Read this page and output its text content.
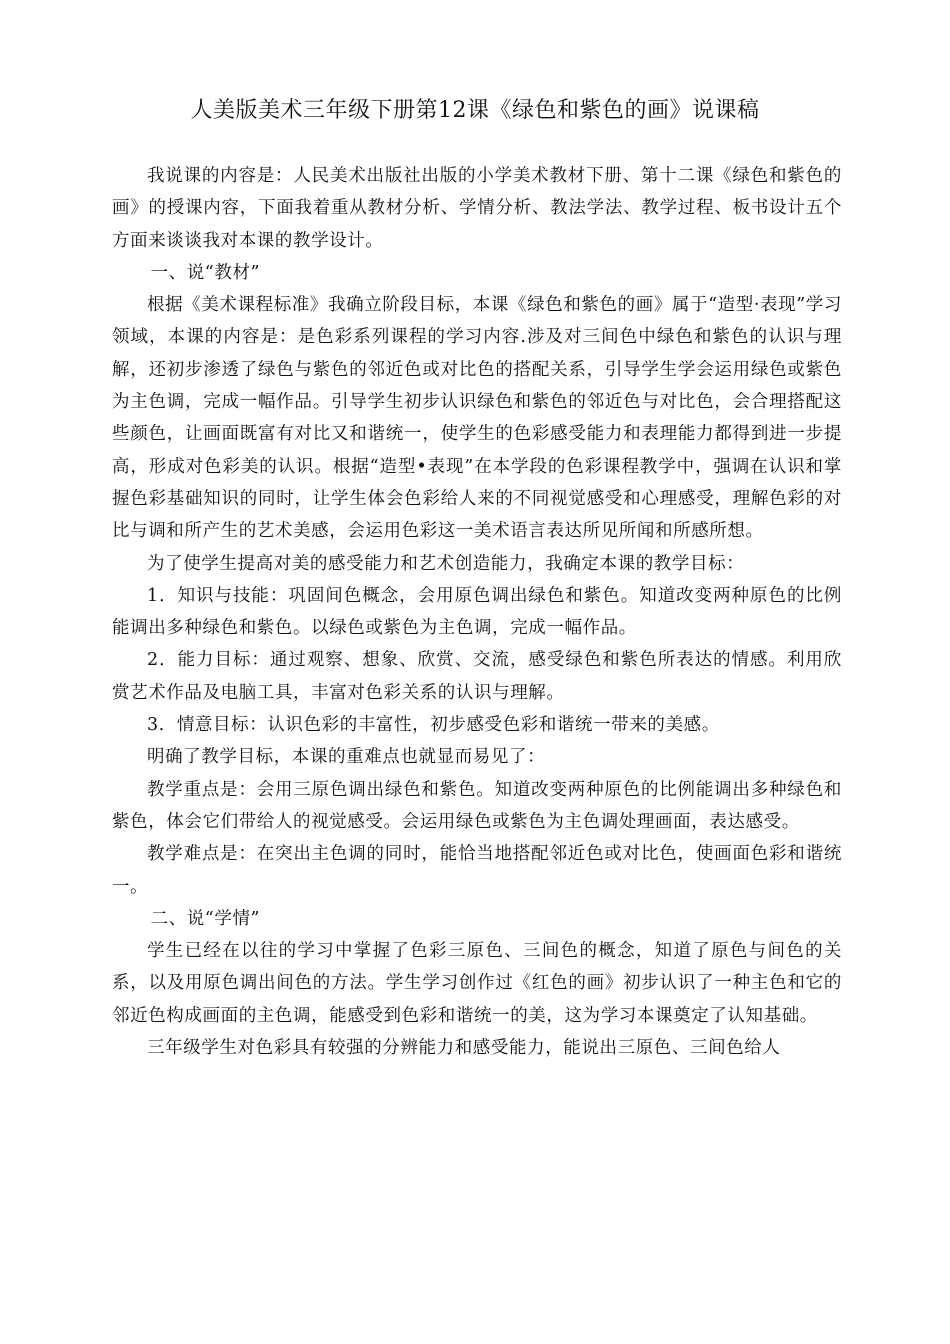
人美版美术三年级下册第12课《绿色和紫色的画》说课稿

我说课的内容是：人民美术出版社出版的小学美术教材下册、第十二课《绿色和紫色的画》的授课内容，下面我着重从教材分析、学情分析、教法学法、教学过程、板书设计五个方面来谈谈我对本课的教学设计。

一、说“教材”

根据《美术课程标准》我确立阶段目标，本课《绿色和紫色的画》属于“造型·表现”学习领域，本课的内容是：是色彩系列课程的学习内容.涉及对三间色中绿色和紫色的认识与理解，还初步渗透了绿色与紫色的邻近色或对比色的搭配关系，引导学生学会运用绿色或紫色为主色调，完成一幅作品。引导学生初步认识绿色和紫色的邻近色与对比色，会合理搭配这些颜色，让画面既富有对比又和谐统一，使学生的色彩感受能力和表理能力都得到进一步提高，形成对色彩美的认识。根据“造型•表现”在本学段的色彩课程教学中，强调在认识和掌握色彩基础知识的同时，让学生体会色彩给人来的不同视觉感受和心理感受，理解色彩的对比与调和所产生的艺术美感，会运用色彩这一美术语言表达所见所闻和所感所想。

为了使学生提高对美的感受能力和艺术创造能力，我确定本课的教学目标：

1．知识与技能：巩固间色概念，会用原色调出绿色和紫色。知道改变两种原色的比例能调出多种绿色和紫色。以绿色或紫色为主色调，完成一幅作品。

2．能力目标：通过观察、想象、欣赏、交流，感受绿色和紫色所表达的情感。利用欣赏艺术作品及电脑工具，丰富对色彩关系的认识与理解。

3．情意目标：认识色彩的丰富性，初步感受色彩和谐统一带来的美感。

明确了教学目标，本课的重难点也就显而易见了：

教学重点是：会用三原色调出绿色和紫色。知道改变两种原色的比例能调出多种绿色和紫色，体会它们带给人的视觉感受。会运用绿色或紫色为主色调处理画面，表达感受。

教学难点是：在突出主色调的同时，能恰当地搭配邻近色或对比色，使画面色彩和谐统一。

二、说“学情”

学生已经在以往的学习中掌握了色彩三原色、三间色的概念，知道了原色与间色的关系，以及用原色调出间色的方法。学生学习创作过《红色的画》初步认识了一种主色和它的邻近色构成画面的主色调，能感受到色彩和谐统一的美，这为学习本课奠定了认知基础。

三年级学生对色彩具有较强的分辨能力和感受能力，能说出三原色、三间色给人
